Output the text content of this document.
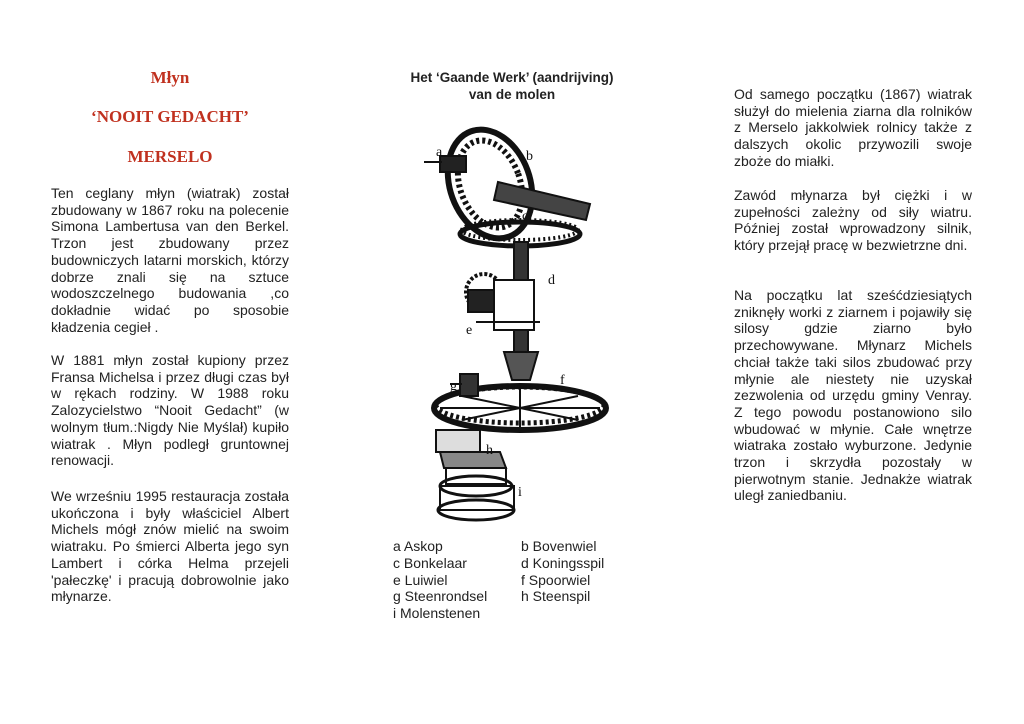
Młyn
‘NOOIT GEDACHT’
MERSELO

Ten ceglany młyn (wiatrak) został zbudowany w 1867 roku na polecenie Simona Lambertusa van den Berkel. Trzon jest zbudowany przez budowniczych latarni morskich, którzy dobrze znali się na sztuce wodoszczelnego budowania ,co dokładnie widać po sposobie kładzenia cegieł .

W 1881 młyn został kupiony przez Fransa Michelsa i przez długi czas był w rękach rodziny. W 1988 roku Zalozycielstwo “Nooit Gedacht” (w wolnym tłum.:Nigdy Nie Myślał) kupiło wiatrak . Młyn podległ gruntownej renowacji.

We wrześniu 1995 restauracja została ukończona i były właściciel Albert Michels mógł znów mielić na swoim wiatraku. Po śmierci Alberta jego syn Lambert i córka Helma przejeli 'pałeczkę' i pracują dobrowolnie jako młynarze.

Het ‘Gaande Werk’ (aandrijving)
van de molen
a	b
c
d
e
f
g
h
i
a Askop	b Bovenwiel
c Bonkelaar	d Koningsspil
e Luiwiel	f Spoorwiel
g Steenrondsel	h Steenspil
i Molenstenen

Od samego początku (1867) wiatrak służył do mielenia ziarna dla rolników z Merselo jakkolwiek rolnicy także z dalszych okolic przywozili swoje zboże do miałki.

Zawód młynarza był ciężki i w zupełności zależny od siły wiatru. Później został wprowadzony silnik, który przejął pracę w bezwietrzne dni.

Na początku lat sześćdziesiątych zniknęły worki z ziarnem i pojawiły się silosy gdzie ziarno było przechowywane. Młynarz Michels chciał także taki silos zbudować przy młynie ale niestety nie uzyskał zezwolenia od urzędu gminy Venray. Z tego powodu postanowiono silo wbudować w młynie. Całe wnętrze wiatraka zostało wyburzone. Jedynie trzon i skrzydła pozostały w pierwotnym stanie. Jednakże wiatrak uległ zaniedbaniu.
